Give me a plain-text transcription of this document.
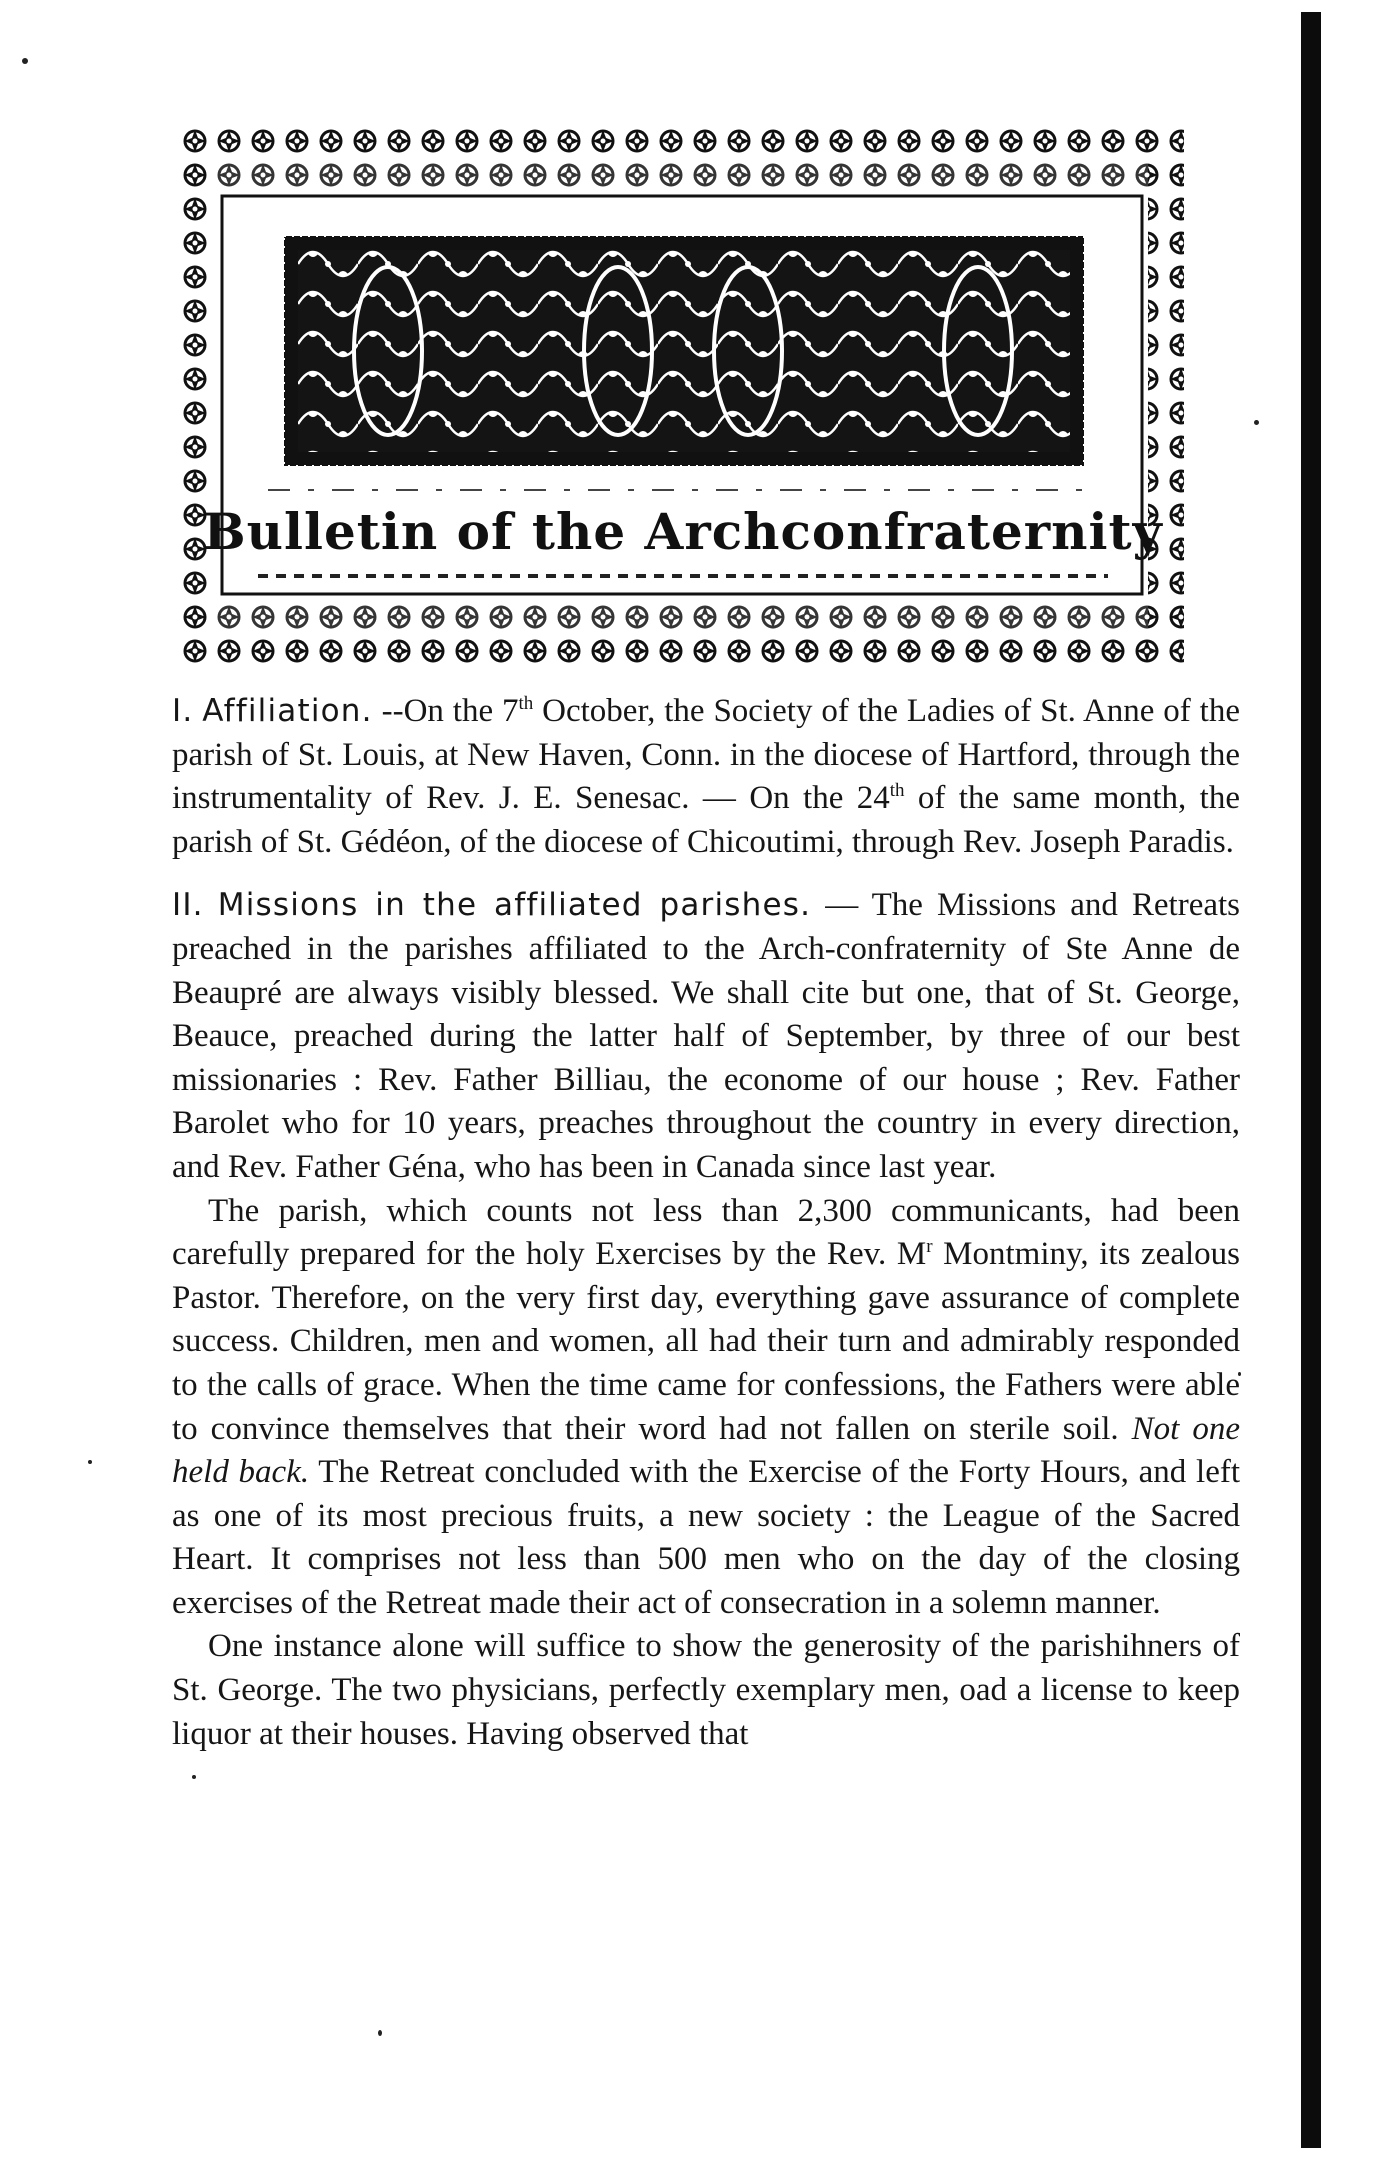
Bulletin of the Archconfraternity

I. Affiliation. --On the 7th October, the Society of the Ladies of St. Anne of the parish of St. Louis, at New Haven, Conn. in the diocese of Hartford, through the instrumentality of Rev. J. E. Senesac. — On the 24th of the same month, the parish of St. Gédéon, of the diocese of Chicoutimi, through Rev. Joseph Paradis.

II. Missions in the affiliated parishes. — The Missions and Retreats preached in the parishes affiliated to the Arch-confraternity of Ste Anne de Beaupré are always visibly blessed. We shall cite but one, that of St. George, Beauce, preached during the latter half of September, by three of our best missionaries : Rev. Father Billiau, the econome of our house ; Rev. Father Barolet who for 10 years, preaches throughout the country in every direction, and Rev. Father Géna, who has been in Canada since last year.

The parish, which counts not less than 2,300 communicants, had been carefully prepared for the holy Exercises by the Rev. $M^r$ Montminy, its zealous Pastor. Therefore, on the very first day, everything gave assurance of complete success. Children, men and women, all had their turn and admirably responded to the calls of grace. When the time came for confessions, the Fathers were able to convince themselves that their word had not fallen on sterile soil. Not one held back. The Retreat concluded with the Exercise of the Forty Hours, and left as one of its most precious fruits, a new society : the League of the Sacred Heart. It comprises not less than 500 men who on the day of the closing exercises of the Retreat made their act of consecration in a solemn manner.

One instance alone will suffice to show the generosity of the parishihners of St. George. The two physicians, perfectly exemplary men, oad a license to keep liquor at their houses. Having observed that
